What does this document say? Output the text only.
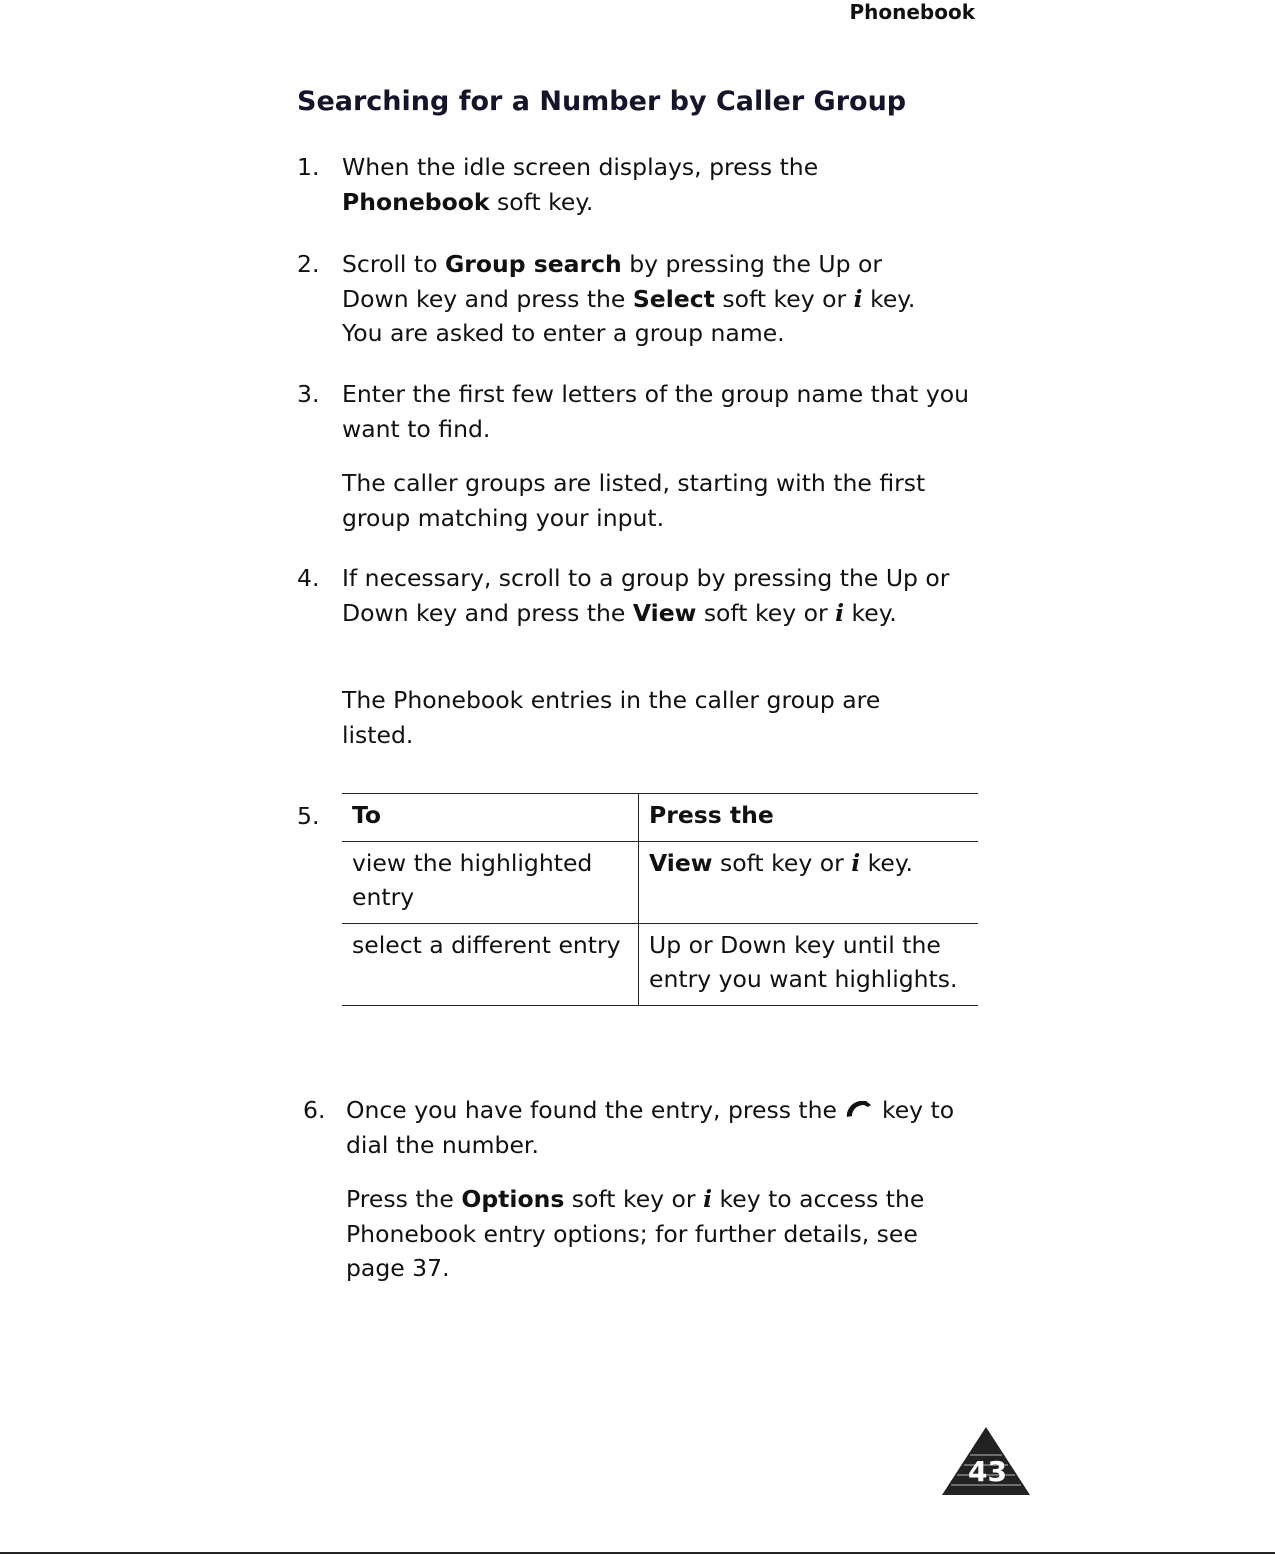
Phonebook
Searching for a Number by Caller Group
1. When the idle screen displays, press the Phonebook soft key.
2. Scroll to Group search by pressing the Up or Down key and press the Select soft key or i key. You are asked to enter a group name.
3. Enter the first few letters of the group name that you want to find.
The caller groups are listed, starting with the first group matching your input.
4. If necessary, scroll to a group by pressing the Up or Down key and press the View soft key or i key.
The Phonebook entries in the caller group are listed.
5. To	Press the
view the highlighted entry	View soft key or i key.
select a different entry	Up or Down key until the entry you want highlights.
6. Once you have found the entry, press the  key to dial the number.
Press the Options soft key or i key to access the Phonebook entry options; for further details, see page 37.
43
